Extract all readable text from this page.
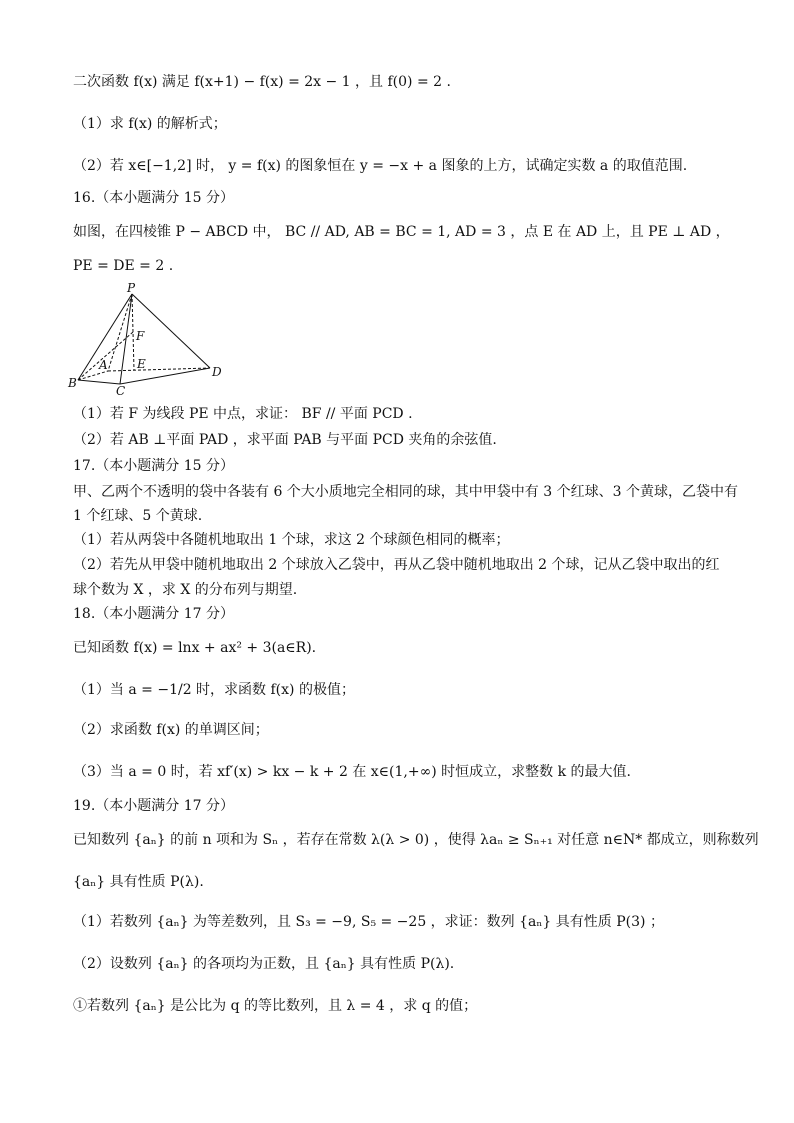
二次函数 f(x) 满足 f(x+1) − f(x) = 2x − 1 ，且 f(0) = 2 .
（1）求 f(x) 的解析式；
（2）若 x∈[−1,2] 时， y = f(x) 的图象恒在 y = −x + a 图象的上方，试确定实数 a 的取值范围.
16.（本小题满分 15 分）
如图，在四棱锥 P − ABCD 中， BC // AD, AB = BC = 1, AD = 3 ，点 E 在 AD 上，且 PE ⊥ AD ，
PE = DE = 2 .
P
F
A E
B
C
D
（1）若 F 为线段 PE 中点，求证： BF // 平面 PCD .
（2）若 AB ⊥平面 PAD ，求平面 PAB 与平面 PCD 夹角的余弦值.
17.（本小题满分 15 分）
甲、乙两个不透明的袋中各装有 6 个大小质地完全相同的球，其中甲袋中有 3 个红球、3 个黄球，乙袋中有
1 个红球、5 个黄球.
（1）若从两袋中各随机地取出 1 个球，求这 2 个球颜色相同的概率；
（2）若先从甲袋中随机地取出 2 个球放入乙袋中，再从乙袋中随机地取出 2 个球，记从乙袋中取出的红
球个数为 X ，求 X 的分布列与期望.
18.（本小题满分 17 分）
已知函数 f(x) = lnx + ax² + 3(a∈R).
（1）当 a = −1/2 时，求函数 f(x) 的极值；
（2）求函数 f(x) 的单调区间；
（3）当 a = 0 时，若 xf′(x) > kx − k + 2 在 x∈(1,+∞) 时恒成立，求整数 k 的最大值.
19.（本小题满分 17 分）
已知数列 {aₙ} 的前 n 项和为 Sₙ ，若存在常数 λ(λ > 0) ，使得 λaₙ ≥ Sₙ₊₁ 对任意 n∈N* 都成立，则称数列
{aₙ} 具有性质 P(λ).
（1）若数列 {aₙ} 为等差数列，且 S₃ = −9, S₅ = −25 ，求证：数列 {aₙ} 具有性质 P(3) ；
（2）设数列 {aₙ} 的各项均为正数，且 {aₙ} 具有性质 P(λ).
①若数列 {aₙ} 是公比为 q 的等比数列，且 λ = 4 ，求 q 的值；
